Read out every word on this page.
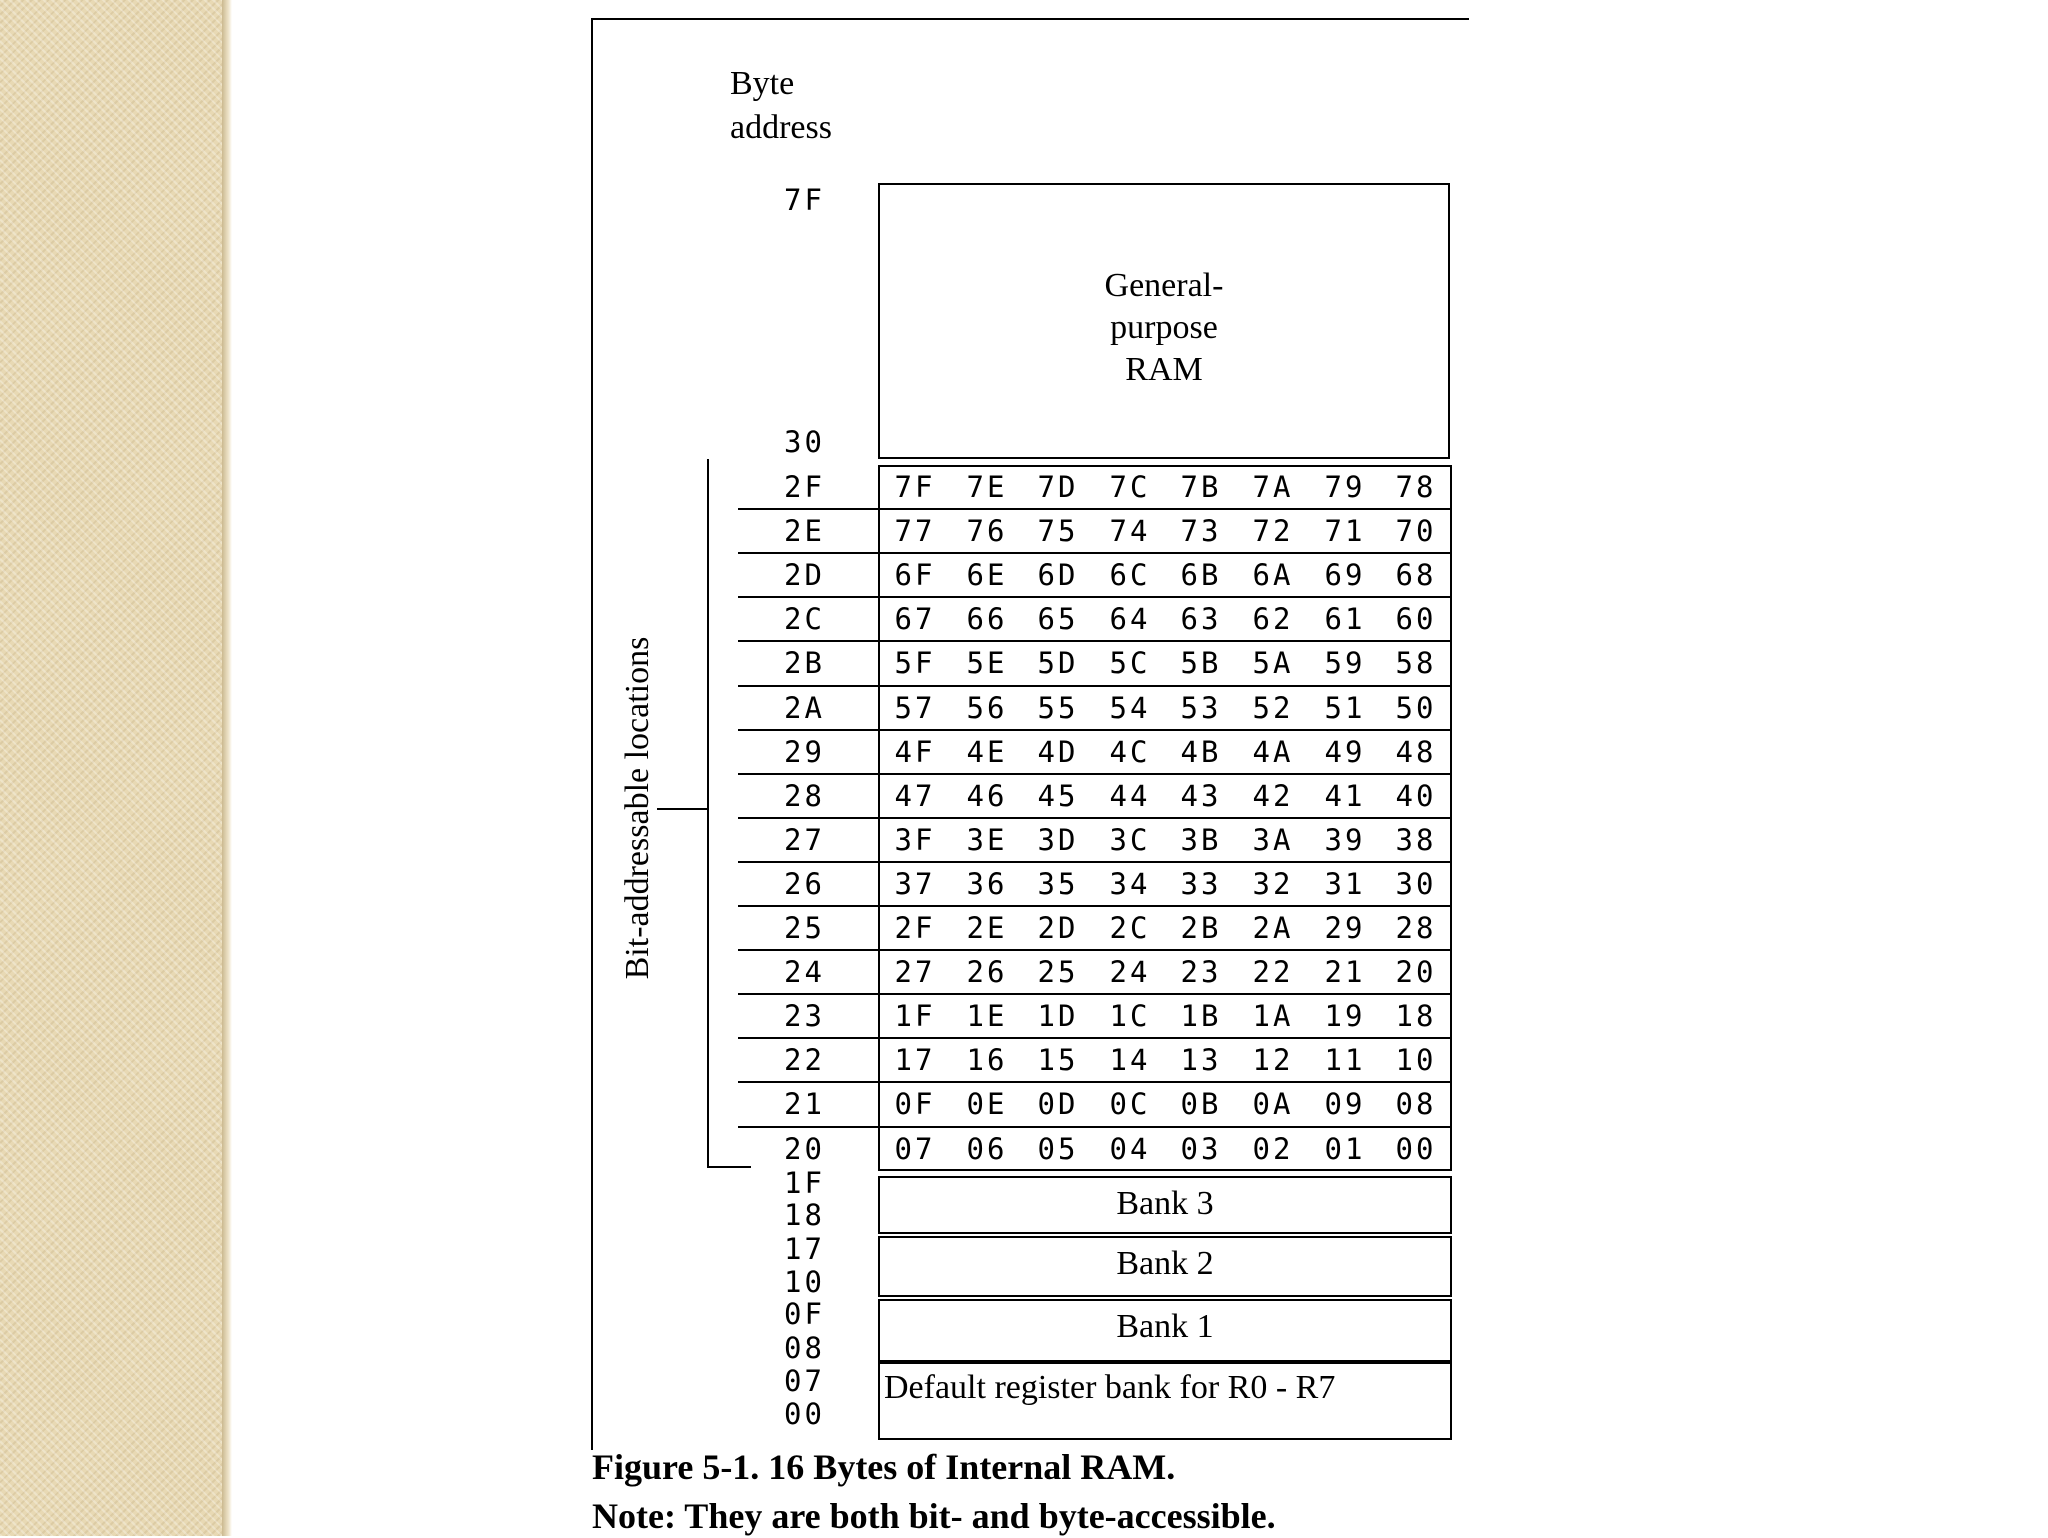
Byte
address
7F
30
General-
purpose
RAM
Bit-addressable locations
2F	7F	7E	7D	7C	7B	7A	79	78
2E	77	76	75	74	73	72	71	70
2D	6F	6E	6D	6C	6B	6A	69	68
2C	67	66	65	64	63	62	61	60
2B	5F	5E	5D	5C	5B	5A	59	58
2A	57	56	55	54	53	52	51	50
29	4F	4E	4D	4C	4B	4A	49	48
28	47	46	45	44	43	42	41	40
27	3F	3E	3D	3C	3B	3A	39	38
26	37	36	35	34	33	32	31	30
25	2F	2E	2D	2C	2B	2A	29	28
24	27	26	25	24	23	22	21	20
23	1F	1E	1D	1C	1B	1A	19	18
22	17	16	15	14	13	12	11	10
21	0F	0E	0D	0C	0B	0A	09	08
20	07	06	05	04	03	02	01	00
Bank 3
Bank 2
Bank 1
Default register bank for R0 - R7
1F
18
17
10
0F
08
07
00
Figure 5-1. 16 Bytes of Internal RAM.
Note: They are both bit- and byte-accessible.
